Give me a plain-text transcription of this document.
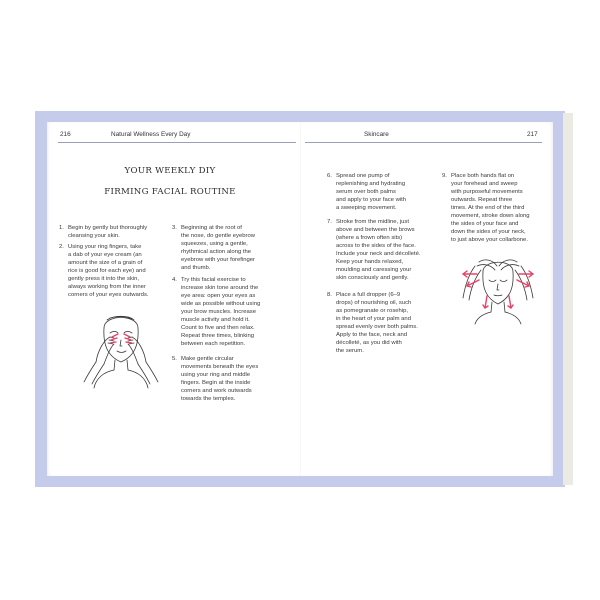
216	Natural Wellness Every Day	Skincare	217
YOUR WEEKLY DIY
FIRMING FACIAL ROUTINE
1. Begin by gently but thoroughly
cleansing your skin.
2. Using your ring fingers, take
a dab of your eye cream (an
amount the size of a grain of
rice is good for each eye) and
gently press it into the skin,
always working from the inner
corners of your eyes outwards.
3. Beginning at the root of
the nose, do gentle eyebrow
squeezes, using a gentle,
rhythmical action along the
eyebrow with your forefinger
and thumb.
4. Try this facial exercise to
increase skin tone around the
eye area: open your eyes as
wide as possible without using
your brow muscles. Increase
muscle activity and hold it.
Count to five and then relax.
Repeat three times, blinking
between each repetition.
5. Make gentle circular
movements beneath the eyes
using your ring and middle
fingers. Begin at the inside
corners and work outwards
towards the temples.
6. Spread one pump of
replenishing and hydrating
serum over both palms
and apply to your face with
a sweeping movement.
7. Stroke from the midline, just
above and between the brows
(where a frown often sits)
across to the sides of the face.
Include your neck and décolleté.
Keep your hands relaxed,
moulding and caressing your
skin consciously and gently.
8. Place a full dropper (6–9
drops) of nourishing oil, such
as pomegranate or rosehip,
in the heart of your palm and
spread evenly over both palms.
Apply to the face, neck and
décolleté, as you did with
the serum.
9. Place both hands flat on
your forehead and sweep
with purposeful movements
outwards. Repeat three
times. At the end of the third
movement, stroke down along
the sides of your face and
down the sides of your neck,
to just above your collarbone.
